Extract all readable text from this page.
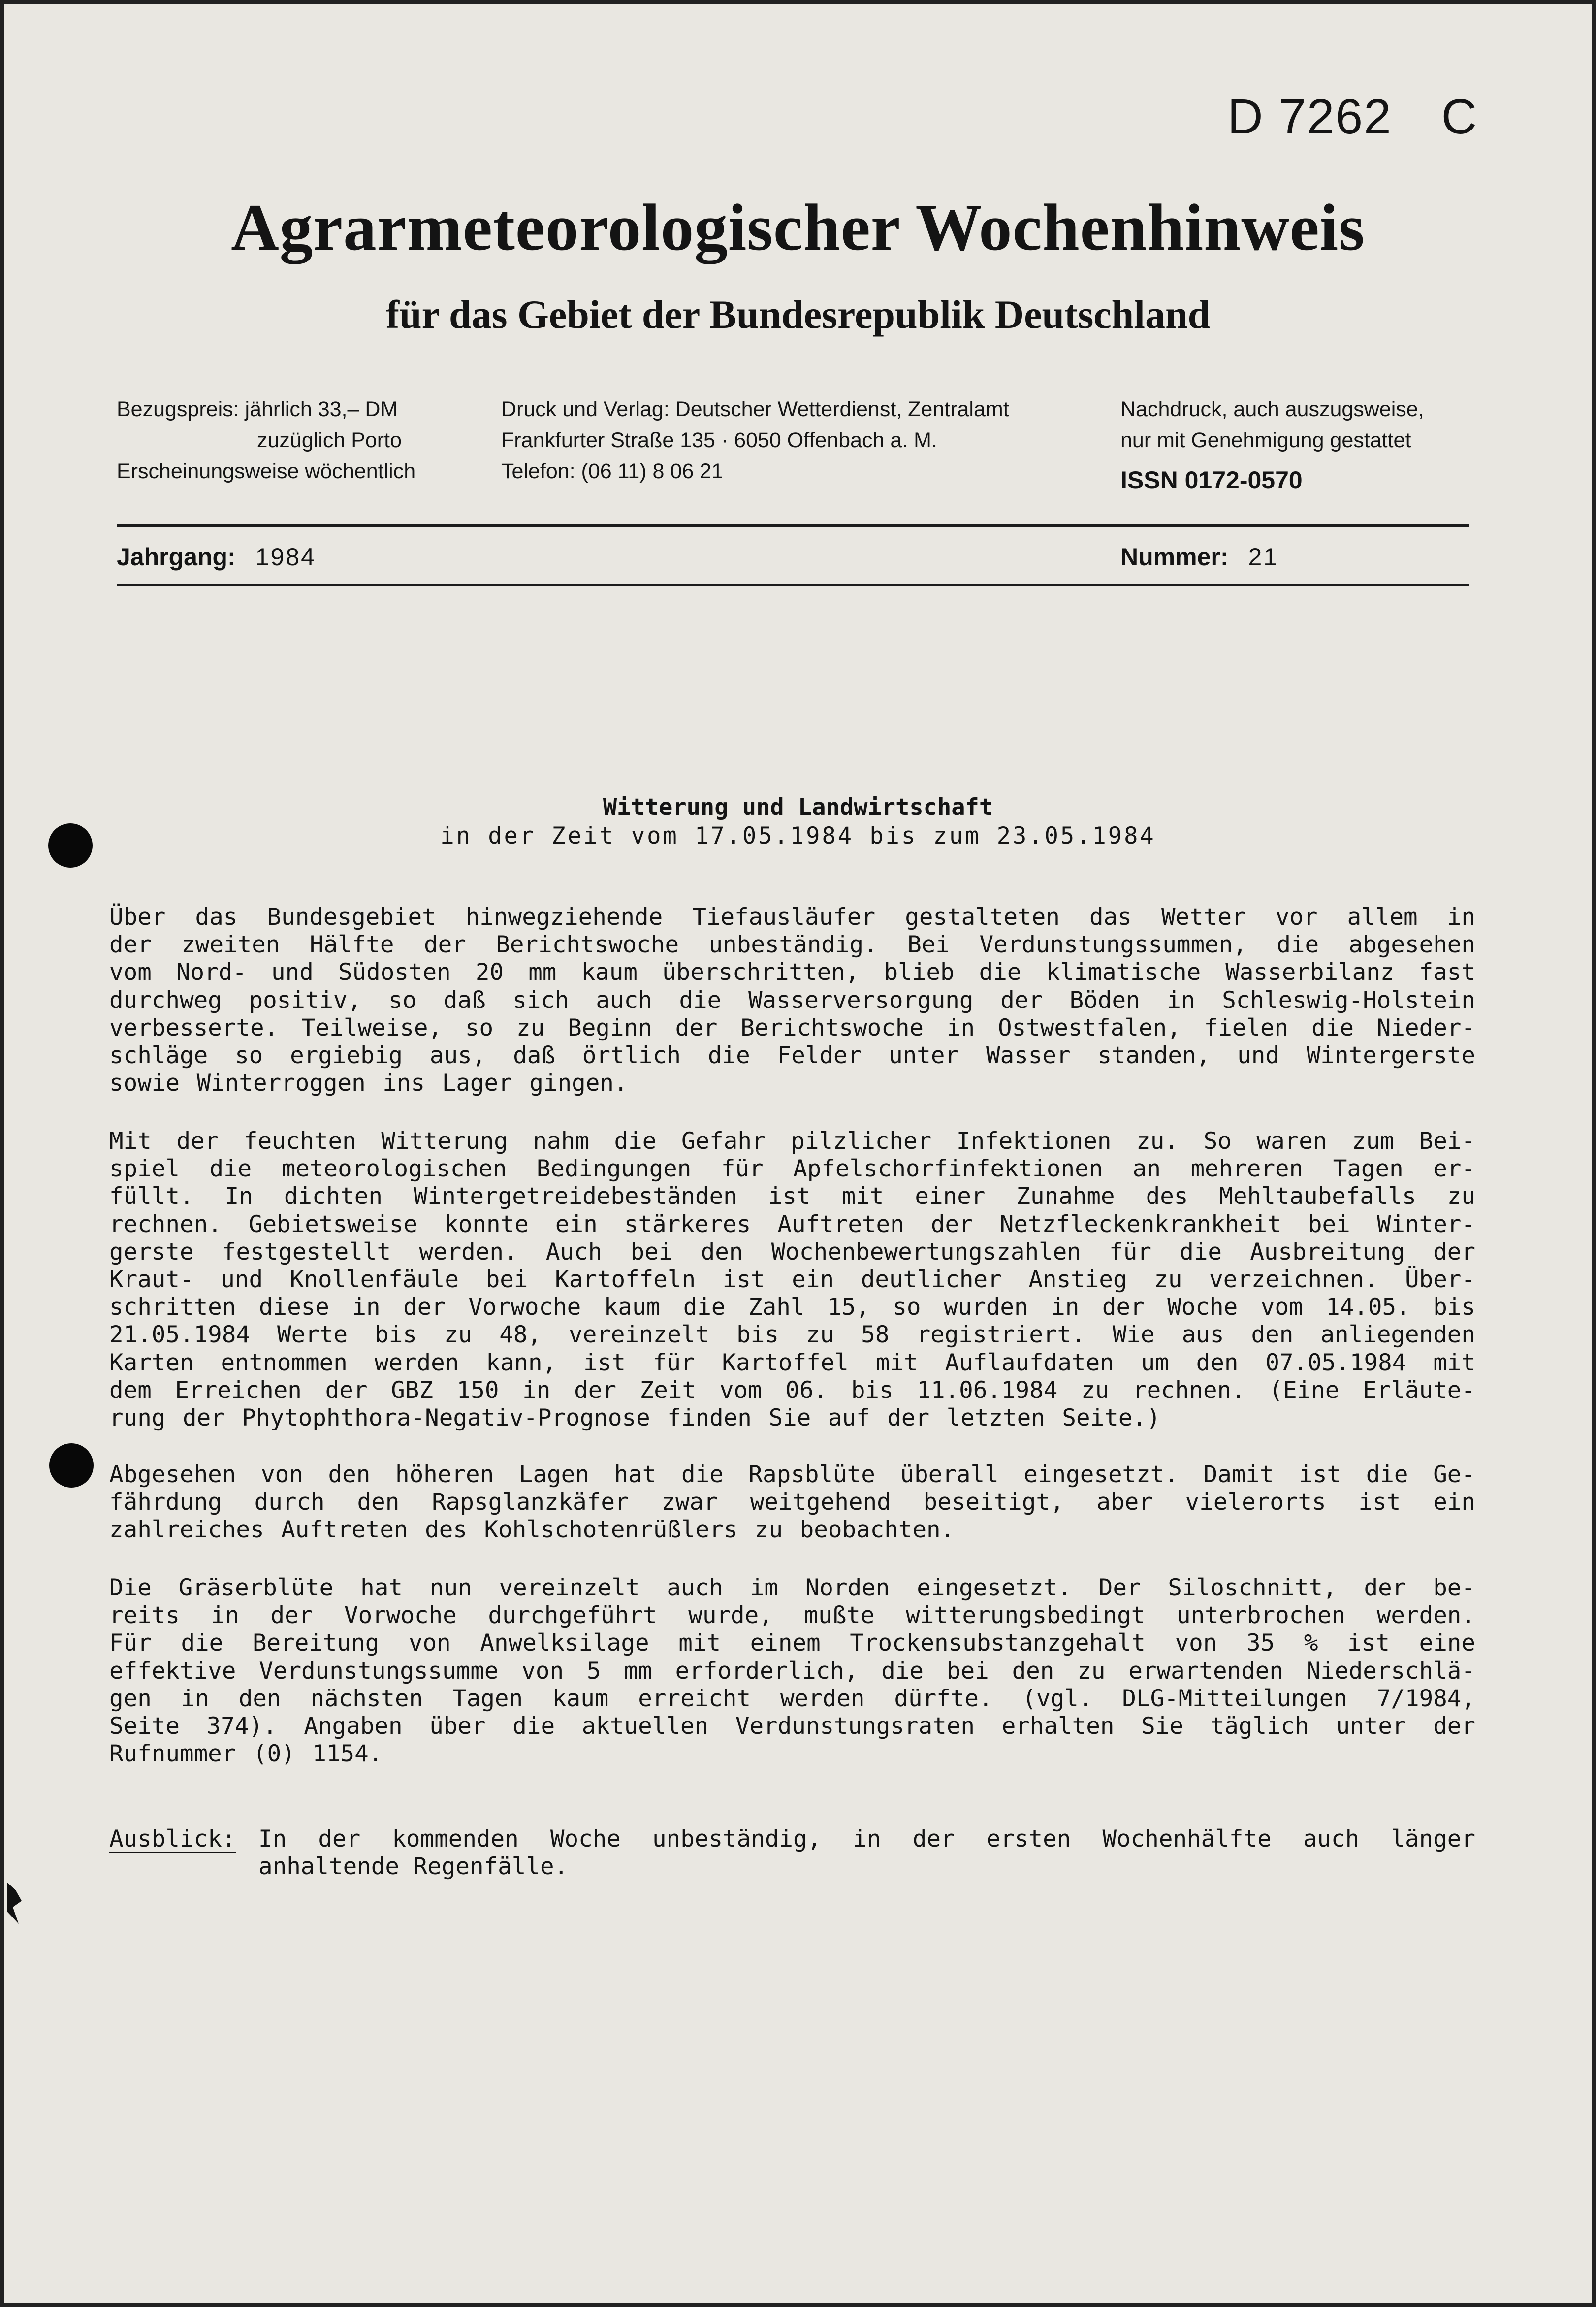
D 7262 C
Agrarmeteorologischer Wochenhinweis
für das Gebiet der Bundesrepublik Deutschland
Bezugspreis: jährlich 33,– DM
zuzüglich Porto
Erscheinungsweise wöchentlich
Druck und Verlag: Deutscher Wetterdienst, Zentralamt
Frankfurter Straße 135 · 6050 Offenbach a. M.
Telefon: (06 11) 8 06 21
Nachdruck, auch auszugsweise,
nur mit Genehmigung gestattet
ISSN 0172-0570
Jahrgang: 1984	Nummer: 21
Witterung und Landwirtschaft
in der Zeit vom 17.05.1984 bis zum 23.05.1984
Über das Bundesgebiet hinwegziehende Tiefausläufer gestalteten das Wetter vor allem in
der zweiten Hälfte der Berichtswoche unbeständig. Bei Verdunstungssummen, die abgesehen
vom Nord- und Südosten 20 mm kaum überschritten, blieb die klimatische Wasserbilanz fast
durchweg positiv, so daß sich auch die Wasserversorgung der Böden in Schleswig-Holstein
verbesserte. Teilweise, so zu Beginn der Berichtswoche in Ostwestfalen, fielen die Nieder-
schläge so ergiebig aus, daß örtlich die Felder unter Wasser standen, und Wintergerste
sowie Winterroggen ins Lager gingen.
Mit der feuchten Witterung nahm die Gefahr pilzlicher Infektionen zu. So waren zum Bei-
spiel die meteorologischen Bedingungen für Apfelschorfinfektionen an mehreren Tagen er-
füllt. In dichten Wintergetreidebeständen ist mit einer Zunahme des Mehltaubefalls zu
rechnen. Gebietsweise konnte ein stärkeres Auftreten der Netzfleckenkrankheit bei Winter-
gerste festgestellt werden. Auch bei den Wochenbewertungszahlen für die Ausbreitung der
Kraut- und Knollenfäule bei Kartoffeln ist ein deutlicher Anstieg zu verzeichnen. Über-
schritten diese in der Vorwoche kaum die Zahl 15, so wurden in der Woche vom 14.05. bis
21.05.1984 Werte bis zu 48, vereinzelt bis zu 58 registriert. Wie aus den anliegenden
Karten entnommen werden kann, ist für Kartoffel mit Auflaufdaten um den 07.05.1984 mit
dem Erreichen der GBZ 150 in der Zeit vom 06. bis 11.06.1984 zu rechnen. (Eine Erläute-
rung der Phytophthora-Negativ-Prognose finden Sie auf der letzten Seite.)
Abgesehen von den höheren Lagen hat die Rapsblüte überall eingesetzt. Damit ist die Ge-
fährdung durch den Rapsglanzkäfer zwar weitgehend beseitigt, aber vielerorts ist ein
zahlreiches Auftreten des Kohlschotenrüßlers zu beobachten.
Die Gräserblüte hat nun vereinzelt auch im Norden eingesetzt. Der Siloschnitt, der be-
reits in der Vorwoche durchgeführt wurde, mußte witterungsbedingt unterbrochen werden.
Für die Bereitung von Anwelksilage mit einem Trockensubstanzgehalt von 35 % ist eine
effektive Verdunstungssumme von 5 mm erforderlich, die bei den zu erwartenden Niederschlä-
gen in den nächsten Tagen kaum erreicht werden dürfte. (vgl. DLG-Mitteilungen 7/1984,
Seite 374). Angaben über die aktuellen Verdunstungsraten erhalten Sie täglich unter der
Rufnummer (0) 1154.
Ausblick: In der kommenden Woche unbeständig, in der ersten Wochenhälfte auch länger
anhaltende Regenfälle.
